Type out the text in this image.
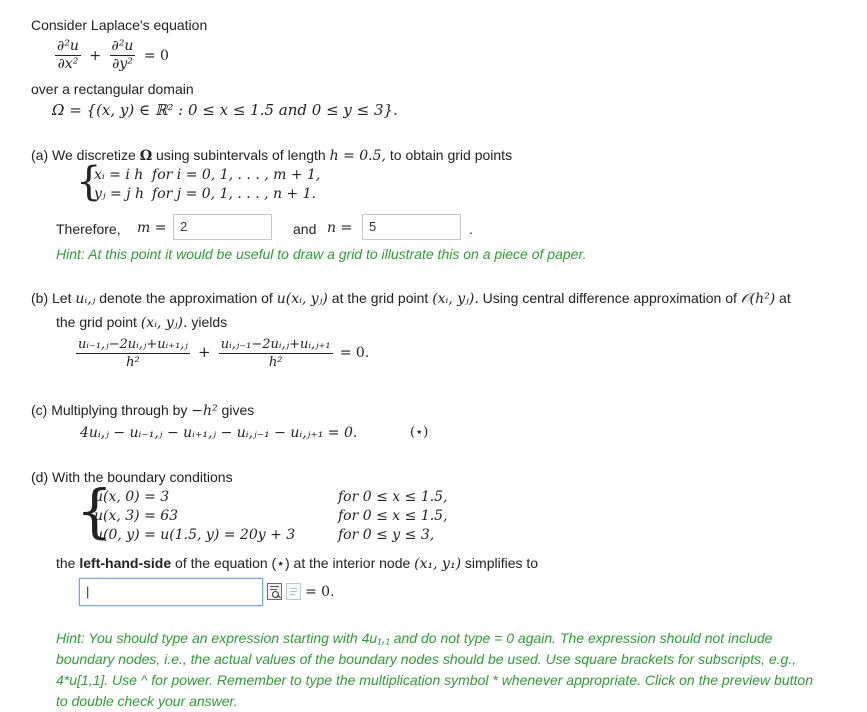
Consider Laplace's equation
$\frac{\text{∂²u}}{\text{∂x²}} + \frac{\text{∂²u}}{\text{∂y²}} = 0$
over a rectangular domain
Ω = {(x, y) ∈ ℝ² : 0 ≤ x ≤ 1.5 and 0 ≤ y ≤ 3}.
(a) We discretize Ω using subintervals of length h = 0.5, to obtain grid points
{
xᵢ = i h	for i = 0, 1, . . . , m + 1,
yⱼ = j h	for j = 0, 1, . . . , n + 1.
Therefore, m =	2	and n =	5	.
Hint: At this point it would be useful to draw a grid to illustrate this on a piece of paper.
(b) Let uᵢ,ⱼ denote the approximation of u(xᵢ, yⱼ) at the grid point (xᵢ, yⱼ). Using central difference approximation of 𝒪(h²) at
the grid point (xᵢ, yⱼ). yields
$\frac{\text{uᵢ₋₁,ⱼ−2uᵢ,ⱼ+uᵢ₊₁,ⱼ}}{\text{h²}} + \frac{\text{uᵢ,ⱼ₋₁−2uᵢ,ⱼ+uᵢ,ⱼ₊₁}}{\text{h²}} = 0$.
(c) Multiplying through by −h² gives
4uᵢ,ⱼ − uᵢ₋₁,ⱼ − uᵢ₊₁,ⱼ − uᵢ,ⱼ₋₁ − uᵢ,ⱼ₊₁ = 0.	(⋆)
(d) With the boundary conditions
{
u(x, 0) = 3	for 0 ≤ x ≤ 1.5,
u(x, 3) = 63	for 0 ≤ x ≤ 1.5,
u(0, y) = u(1.5, y) = 20y + 3	for 0 ≤ y ≤ 3,
the left-hand-side of the equation (⋆) at the interior node (x₁, y₁) simplifies to
|	= 0.
Hint: You should type an expression starting with 4u₁,₁ and do not type = 0 again. The expression should not include boundary nodes, i.e., the actual values of the boundary nodes should be used. Use square brackets for subscripts, e.g., 4*u[1,1]. Use ^ for power. Remember to type the multiplication symbol * whenever appropriate. Click on the preview button to double check your answer.
